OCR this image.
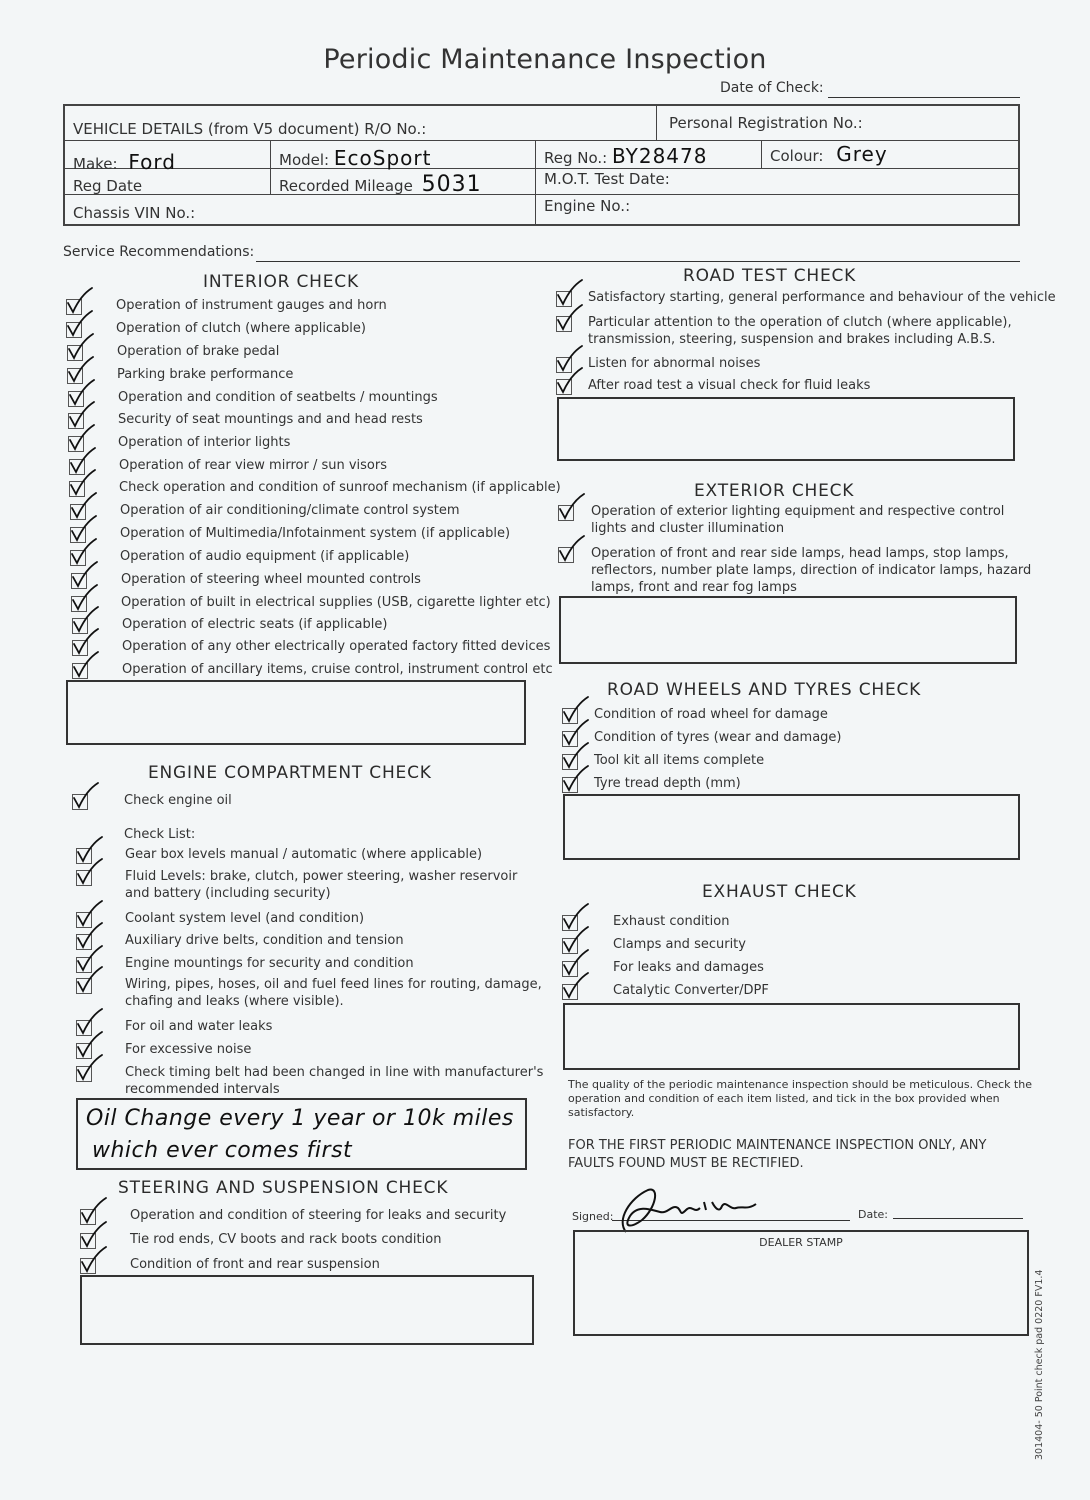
Periodic Maintenance Inspection
Date of Check:
VEHICLE DETAILS (from V5 document) R/O No.:	Personal Registration No.:
Make: Ford	Model: EcoSport	Reg No.: BY28478	Colour: Grey
Reg Date	Recorded Mileage 5031	M.O.T. Test Date:
Chassis VIN No.:	Engine No.:
Service Recommendations:
INTERIOR CHECK
Operation of instrument gauges and horn
Operation of clutch (where applicable)
Operation of brake pedal
Parking brake performance
Operation and condition of seatbelts / mountings
Security of seat mountings and and head rests
Operation of interior lights
Operation of rear view mirror / sun visors
Check operation and condition of sunroof mechanism (if applicable)
Operation of air conditioning/climate control system
Operation of Multimedia/Infotainment system (if applicable)
Operation of audio equipment (if applicable)
Operation of steering wheel mounted controls
Operation of built in electrical supplies (USB, cigarette lighter etc)
Operation of electric seats (if applicable)
Operation of any other electrically operated factory fitted devices
Operation of ancillary items, cruise control, instrument control etc
ENGINE COMPARTMENT CHECK
Check engine oil
Check List:
Gear box levels manual / automatic (where applicable)
Fluid Levels: brake, clutch, power steering, washer reservoir
and battery (including security)
Coolant system level (and condition)
Auxiliary drive belts, condition and tension
Engine mountings for security and condition
Wiring, pipes, hoses, oil and fuel feed lines for routing, damage,
chafing and leaks (where visible).
For oil and water leaks
For excessive noise
Check timing belt had been changed in line with manufacturer's
recommended intervals
Oil Change every 1 year or 10k miles
which ever comes first
STEERING AND SUSPENSION CHECK
Operation and condition of steering for leaks and security
Tie rod ends, CV boots and rack boots condition
Condition of front and rear suspension
ROAD TEST CHECK
Satisfactory starting, general performance and behaviour of the vehicle
Particular attention to the operation of clutch (where applicable),
transmission, steering, suspension and brakes including A.B.S.
Listen for abnormal noises
After road test a visual check for fluid leaks
EXTERIOR CHECK
Operation of exterior lighting equipment and respective control
lights and cluster illumination
Operation of front and rear side lamps, head lamps, stop lamps,
reflectors, number plate lamps, direction of indicator lamps, hazard
lamps, front and rear fog lamps
ROAD WHEELS AND TYRES CHECK
Condition of road wheel for damage
Condition of tyres (wear and damage)
Tool kit all items complete
Tyre tread depth (mm)
EXHAUST CHECK
Exhaust condition
Clamps and security
For leaks and damages
Catalytic Converter/DPF
The quality of the periodic maintenance inspection should be meticulous. Check the
operation and condition of each item listed, and tick in the box provided when
satisfactory.
FOR THE FIRST PERIODIC MAINTENANCE INSPECTION ONLY, ANY
FAULTS FOUND MUST BE RECTIFIED.
Signed:	Date:
DEALER STAMP
301404- 50 Point check pad 0220 FV1.4
